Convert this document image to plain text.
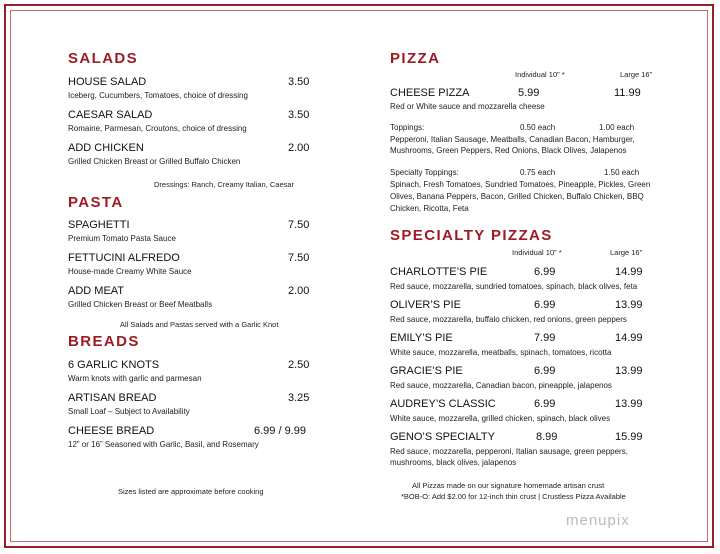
SALADS
HOUSE SALAD	3.50
Iceberg, Cucumbers, Tomatoes, choice of dressing
CAESAR SALAD	3.50
Romaine, Parmesan, Croutons, choice of dressing
ADD CHICKEN	2.00
Grilled Chicken Breast or Grilled Buffalo Chicken
Dressings: Ranch, Creamy Italian, Caesar
PASTA
SPAGHETTI	7.50
Premium Tomato Pasta Sauce
FETTUCINI ALFREDO	7.50
House-made Creamy White Sauce
ADD MEAT	2.00
Grilled Chicken Breast or Beef Meatballs
All Salads and Pastas served with a Garlic Knot
BREADS
6 GARLIC KNOTS	2.50
Warm knots with garlic and parmesan
ARTISAN BREAD	3.25
Small Loaf – Subject to Availability
CHEESE BREAD	6.99 / 9.99
12” or 16” Seasoned with Garlic, Basil, and Rosemary
Sizes listed are approximate before cooking
PIZZA
Individual 10” *	Large 16”
CHEESE PIZZA	5.99	11.99
Red or White sauce and mozzarella cheese
Toppings:	0.50 each	1.00 each
Pepperoni, Italian Sausage, Meatballs, Canadian Bacon, Hamburger,
Mushrooms, Green Peppers, Red Onions, Black Olives, Jalapenos
Specialty Toppings:	0.75 each	1.50 each
Spinach, Fresh Tomatoes, Sundried Tomatoes, Pineapple, Pickles, Green
Olives, Banana Peppers, Bacon, Grilled Chicken, Buffalo Chicken, BBQ
Chicken, Ricotta, Feta
SPECIALTY PIZZAS
Individual 10” *	Large 16”
CHARLOTTE’S PIE	6.99	14.99
Red sauce, mozzarella, sundried tomatoes, spinach, black olives, feta
OLIVER’S PIE	6.99	13.99
Red sauce, mozzarella, buffalo chicken, red onions, green peppers
EMILY’S PIE	7.99	14.99
White sauce, mozzarella, meatballs, spinach, tomatoes, ricotta
GRACIE’S PIE	6.99	13.99
Red sauce, mozzarella, Canadian bacon, pineapple, jalapenos
AUDREY’S CLASSIC	6.99	13.99
White sauce, mozzarella, grilled chicken, spinach, black olives
GENO’S SPECIALTY	8.99	15.99
Red sauce, mozzarella, pepperoni, Italian sausage, green peppers,
mushrooms, black olives, jalapenos
All Pizzas made on our signature homemade artisan crust
*BOB-O: Add $2.00 for 12-inch thin crust | Crustless Pizza Available
menupix
